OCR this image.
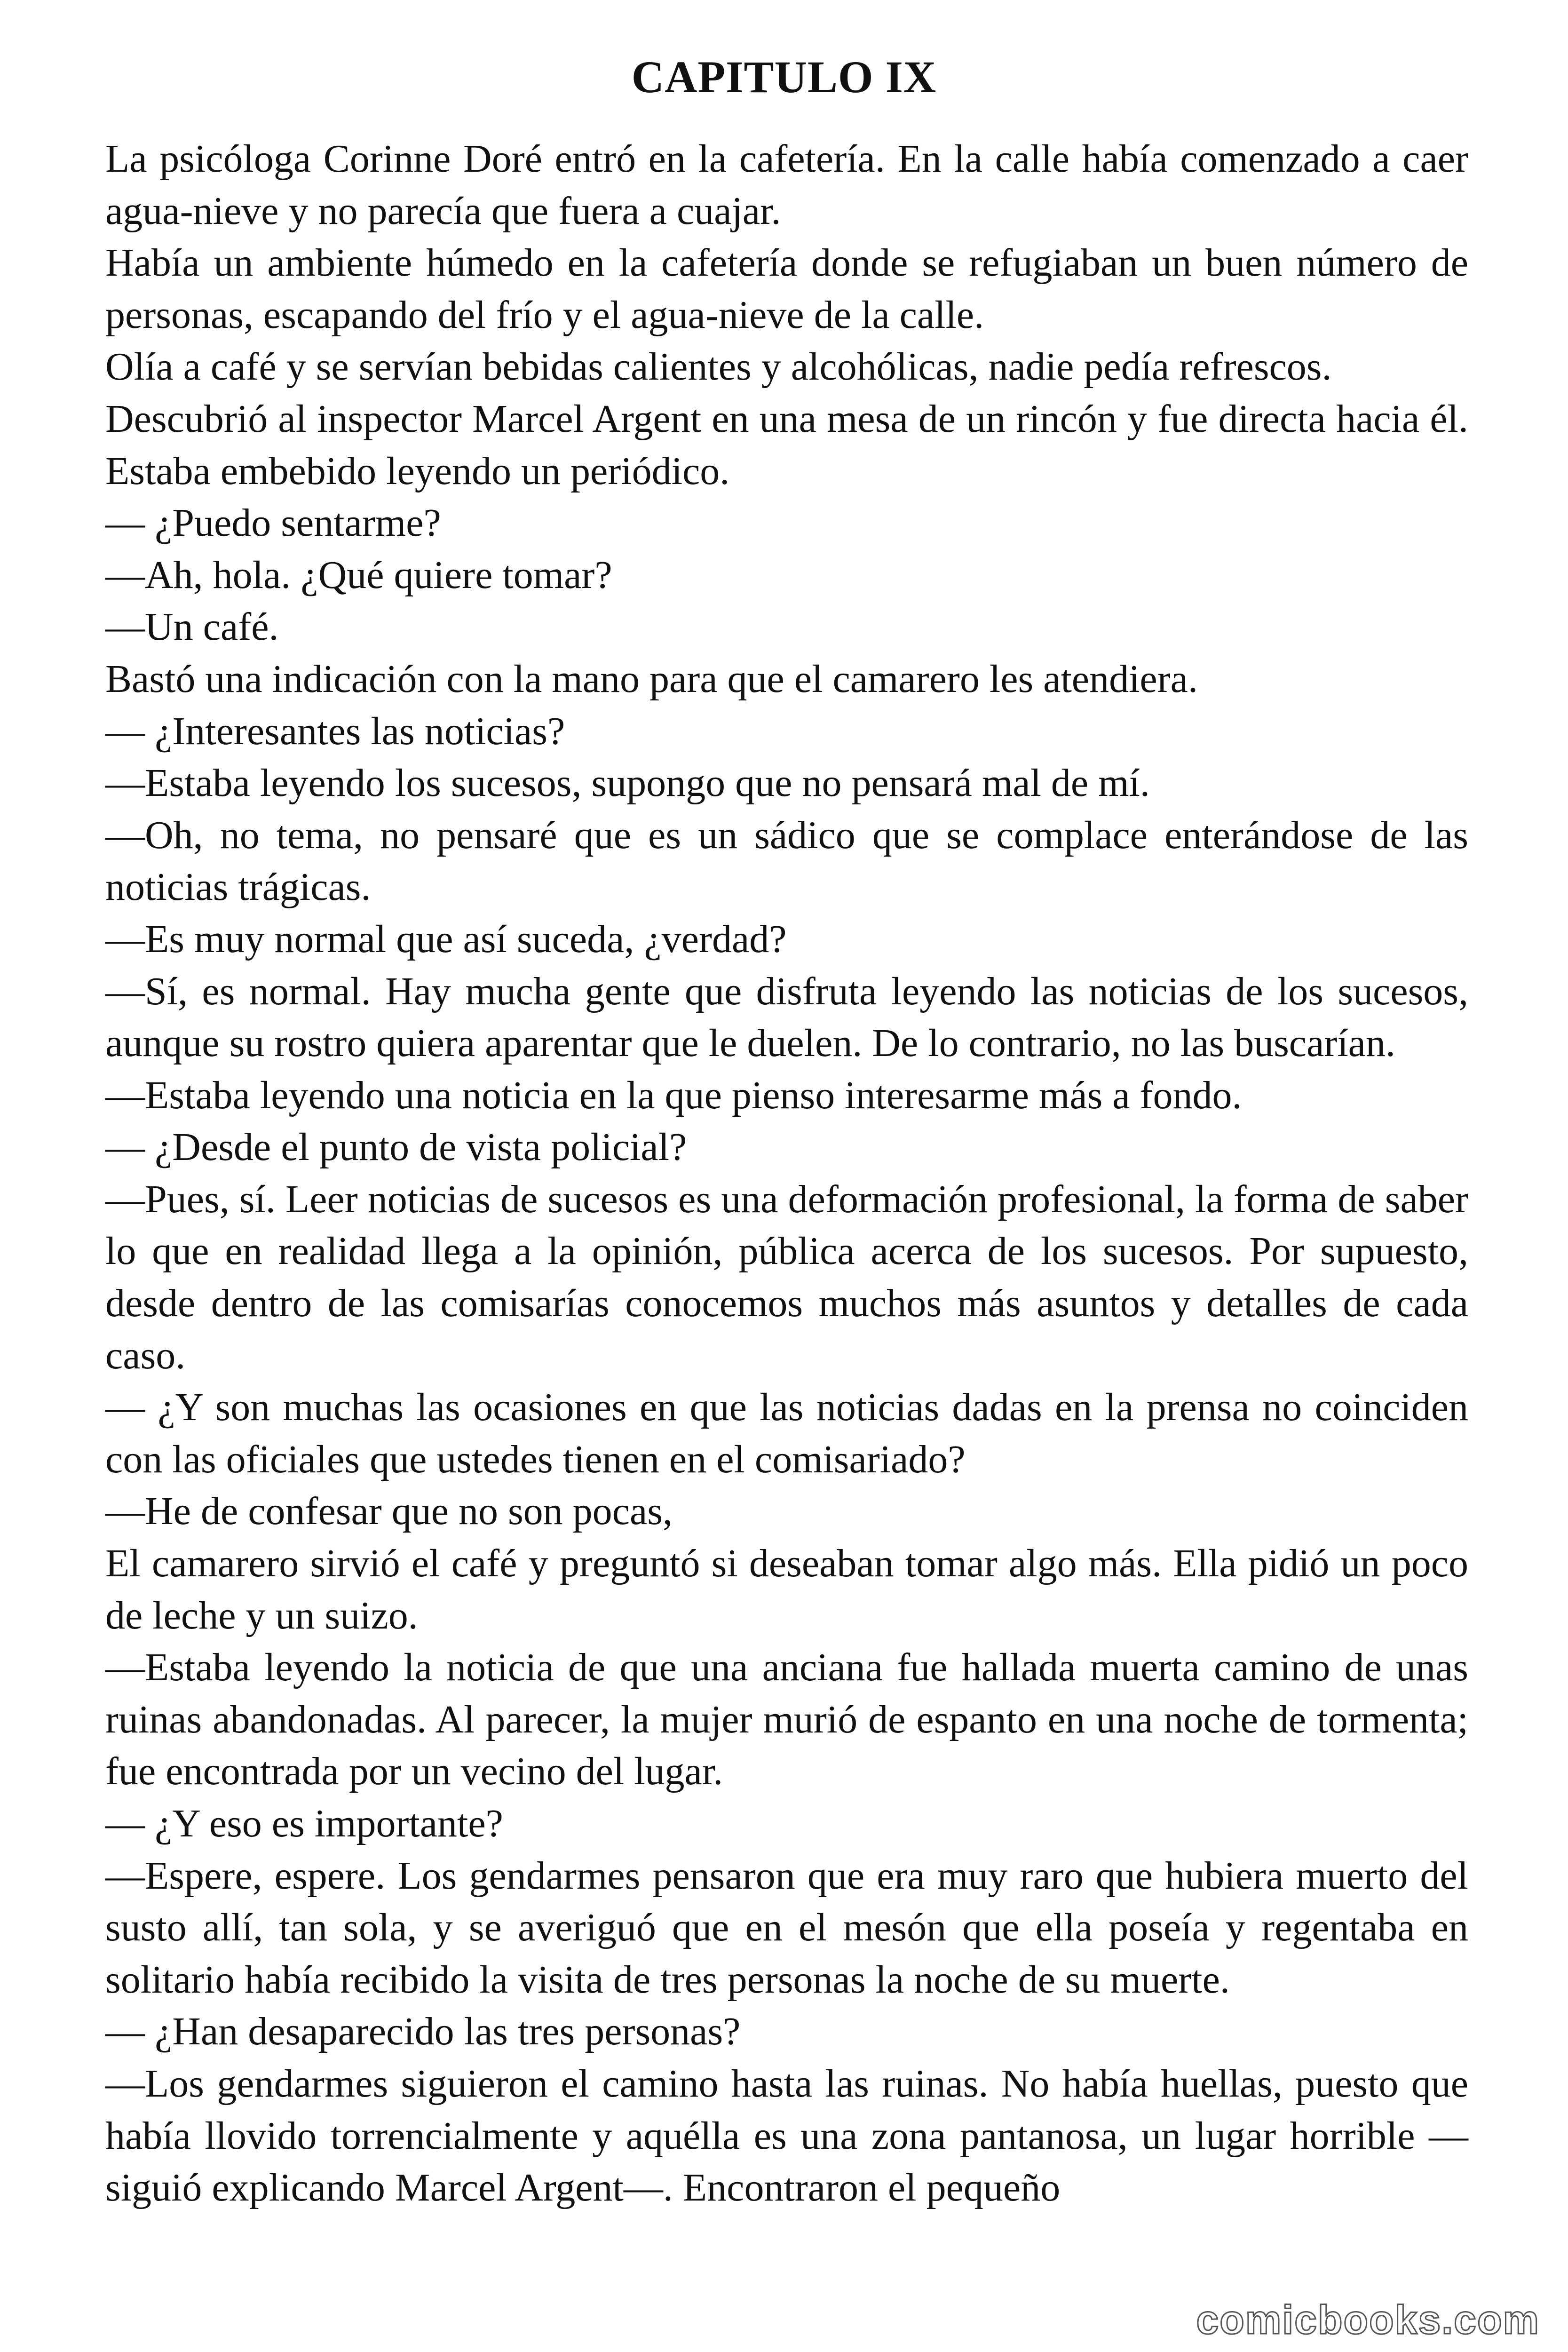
CAPITULO IX

La psicóloga Corinne Doré entró en la cafetería. En la calle había comenzado a caer agua-nieve y no parecía que fuera a cuajar.

Había un ambiente húmedo en la cafetería donde se refugiaban un buen número de personas, escapando del frío y el agua-nieve de la calle.

Olía a café y se servían bebidas calientes y alcohólicas, nadie pedía refrescos.

Descubrió al inspector Marcel Argent en una mesa de un rincón y fue directa hacia él. Estaba embebido leyendo un periódico.

— ¿Puedo sentarme?

—Ah, hola. ¿Qué quiere tomar?

—Un café.

Bastó una indicación con la mano para que el camarero les atendiera.

— ¿Interesantes las noticias?

—Estaba leyendo los sucesos, supongo que no pensará mal de mí.

—Oh, no tema, no pensaré que es un sádico que se complace enterándose de las noticias trágicas.

—Es muy normal que así suceda, ¿verdad?

—Sí, es normal. Hay mucha gente que disfruta leyendo las noticias de los sucesos, aunque su rostro quiera aparentar que le duelen. De lo contrario, no las buscarían.

—Estaba leyendo una noticia en la que pienso interesarme más a fondo.

— ¿Desde el punto de vista policial?

—Pues, sí. Leer noticias de sucesos es una deformación profesional, la forma de saber lo que en realidad llega a la opinión, pública acerca de los sucesos. Por supuesto, desde dentro de las comisarías conocemos muchos más asuntos y detalles de cada caso.

— ¿Y son muchas las ocasiones en que las noticias dadas en la prensa no coinciden con las oficiales que ustedes tienen en el comisariado?

—He de confesar que no son pocas,

El camarero sirvió el café y preguntó si deseaban tomar algo más. Ella pidió un poco de leche y un suizo.

—Estaba leyendo la noticia de que una anciana fue hallada muerta camino de unas ruinas abandonadas. Al parecer, la mujer murió de espanto en una noche de tormenta; fue encontrada por un vecino del lugar.

— ¿Y eso es importante?

—Espere, espere. Los gendarmes pensaron que era muy raro que hubiera muerto del susto allí, tan sola, y se averiguó que en el mesón que ella poseía y regentaba en solitario había recibido la visita de tres personas la noche de su muerte.

— ¿Han desaparecido las tres personas?

—Los gendarmes siguieron el camino hasta las ruinas. No había huellas, puesto que había llovido torrencialmente y aquélla es una zona pantanosa, un lugar horrible —siguió explicando Marcel Argent—. Encontraron el pequeño

comicbooks.com
